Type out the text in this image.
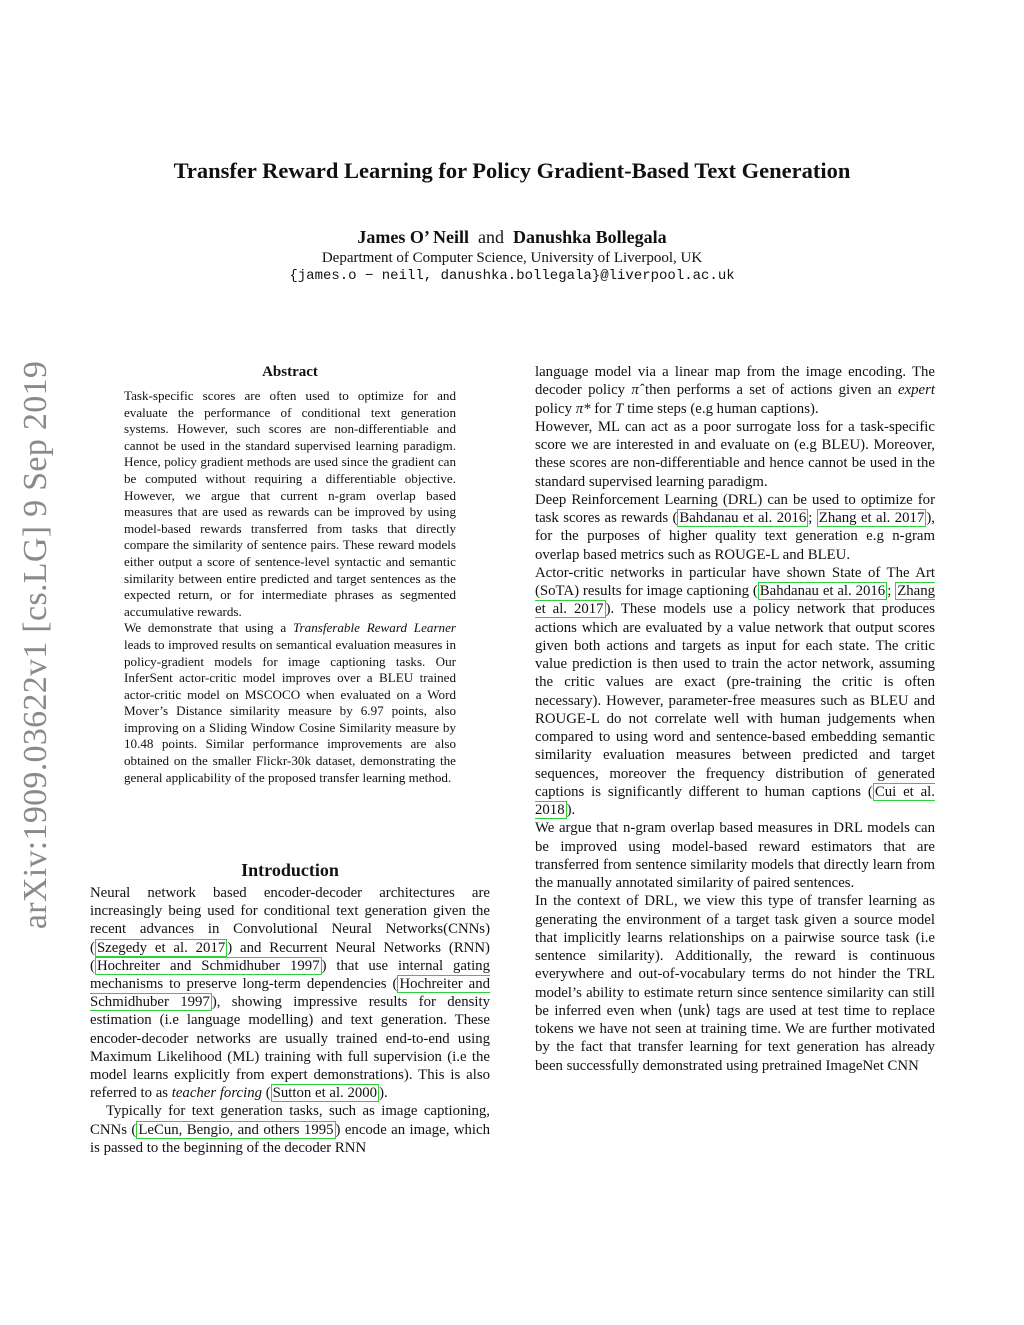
arXiv:1909.03622v1 [cs.LG] 9 Sep 2019
Transfer Reward Learning for Policy Gradient-Based Text Generation
James O’ Neill and Danushka Bollegala
Department of Computer Science, University of Liverpool, UK
{james.o − neill, danushka.bollegala}@liverpool.ac.uk
Abstract

Task-specific scores are often used to optimize for and evaluate the performance of conditional text generation systems. However, such scores are non-differentiable and cannot be used in the standard supervised learning paradigm. Hence, policy gradient methods are used since the gradient can be computed without requiring a differentiable objective. However, we argue that current n-gram overlap based measures that are used as rewards can be improved by using model-based rewards transferred from tasks that directly compare the similarity of sentence pairs. These reward models either output a score of sentence-level syntactic and semantic similarity between entire predicted and target sentences as the expected return, or for intermediate phrases as segmented accumulative rewards.

We demonstrate that using a Transferable Reward Learner leads to improved results on semantical evaluation measures in policy-gradient models for image captioning tasks. Our InferSent actor-critic model improves over a BLEU trained actor-critic model on MSCOCO when evaluated on a Word Mover’s Distance similarity measure by 6.97 points, also improving on a Sliding Window Cosine Similarity measure by 10.48 points. Similar performance improvements are also obtained on the smaller Flickr-30k dataset, demonstrating the general applicability of the proposed transfer learning method.

Introduction

Neural network based encoder-decoder architectures are increasingly being used for conditional text generation given the recent advances in Convolutional Neural Networks(CNNs) ( Szegedy et al. 2017 ) and Recurrent Neural Networks (RNN) ( Hochreiter and Schmidhuber 1997 ) that use internal gating mechanisms to preserve long-term dependencies ( Hochreiter and Schmidhuber 1997 ), showing impressive results for density estimation (i.e language modelling) and text generation. These encoder-decoder networks are usually trained end-to-end using Maximum Likelihood (ML) training with full supervision (i.e the model learns explicitly from expert demonstrations). This is also referred to as teacher forcing ( Sutton et al. 2000 ).

Typically for text generation tasks, such as image captioning, CNNs ( LeCun, Bengio, and others 1995 ) encode an image, which is passed to the beginning of the decoder RNN

language model via a linear map from the image encoding. The decoder policy π̂ then performs a set of actions given an expert policy π* for T time steps (e.g human captions).

However, ML can act as a poor surrogate loss for a task-specific score we are interested in and evaluate on (e.g BLEU). Moreover, these scores are non-differentiable and hence cannot be used in the standard supervised learning paradigm.

Deep Reinforcement Learning (DRL) can be used to optimize for task scores as rewards ( Bahdanau et al. 2016 ; Zhang et al. 2017 ), for the purposes of higher quality text generation e.g n-gram overlap based metrics such as ROUGE-L and BLEU.

Actor-critic networks in particular have shown State of The Art (SoTA) results for image captioning ( Bahdanau et al. 2016 ; Zhang et al. 2017 ). These models use a policy network that produces actions which are evaluated by a value network that output scores given both actions and targets as input for each state. The critic value prediction is then used to train the actor network, assuming the critic values are exact (pre-training the critic is often necessary). However, parameter-free measures such as BLEU and ROUGE-L do not correlate well with human judgements when compared to using word and sentence-based embedding semantic similarity evaluation measures between predicted and target sequences, moreover the frequency distribution of generated captions is significantly different to human captions ( Cui et al. 2018 ).

We argue that n-gram overlap based measures in DRL models can be improved using model-based reward estimators that are transferred from sentence similarity models that directly learn from the manually annotated similarity of paired sentences.

In the context of DRL, we view this type of transfer learning as generating the environment of a target task given a source model that implicitly learns relationships on a pairwise source task (i.e sentence similarity). Additionally, the reward is continuous everywhere and out-of-vocabulary terms do not hinder the TRL model’s ability to estimate return since sentence similarity can still be inferred even when ⟨unk⟩ tags are used at test time to replace tokens we have not seen at training time. We are further motivated by the fact that transfer learning for text generation has already been successfully demonstrated using pretrained ImageNet CNN
